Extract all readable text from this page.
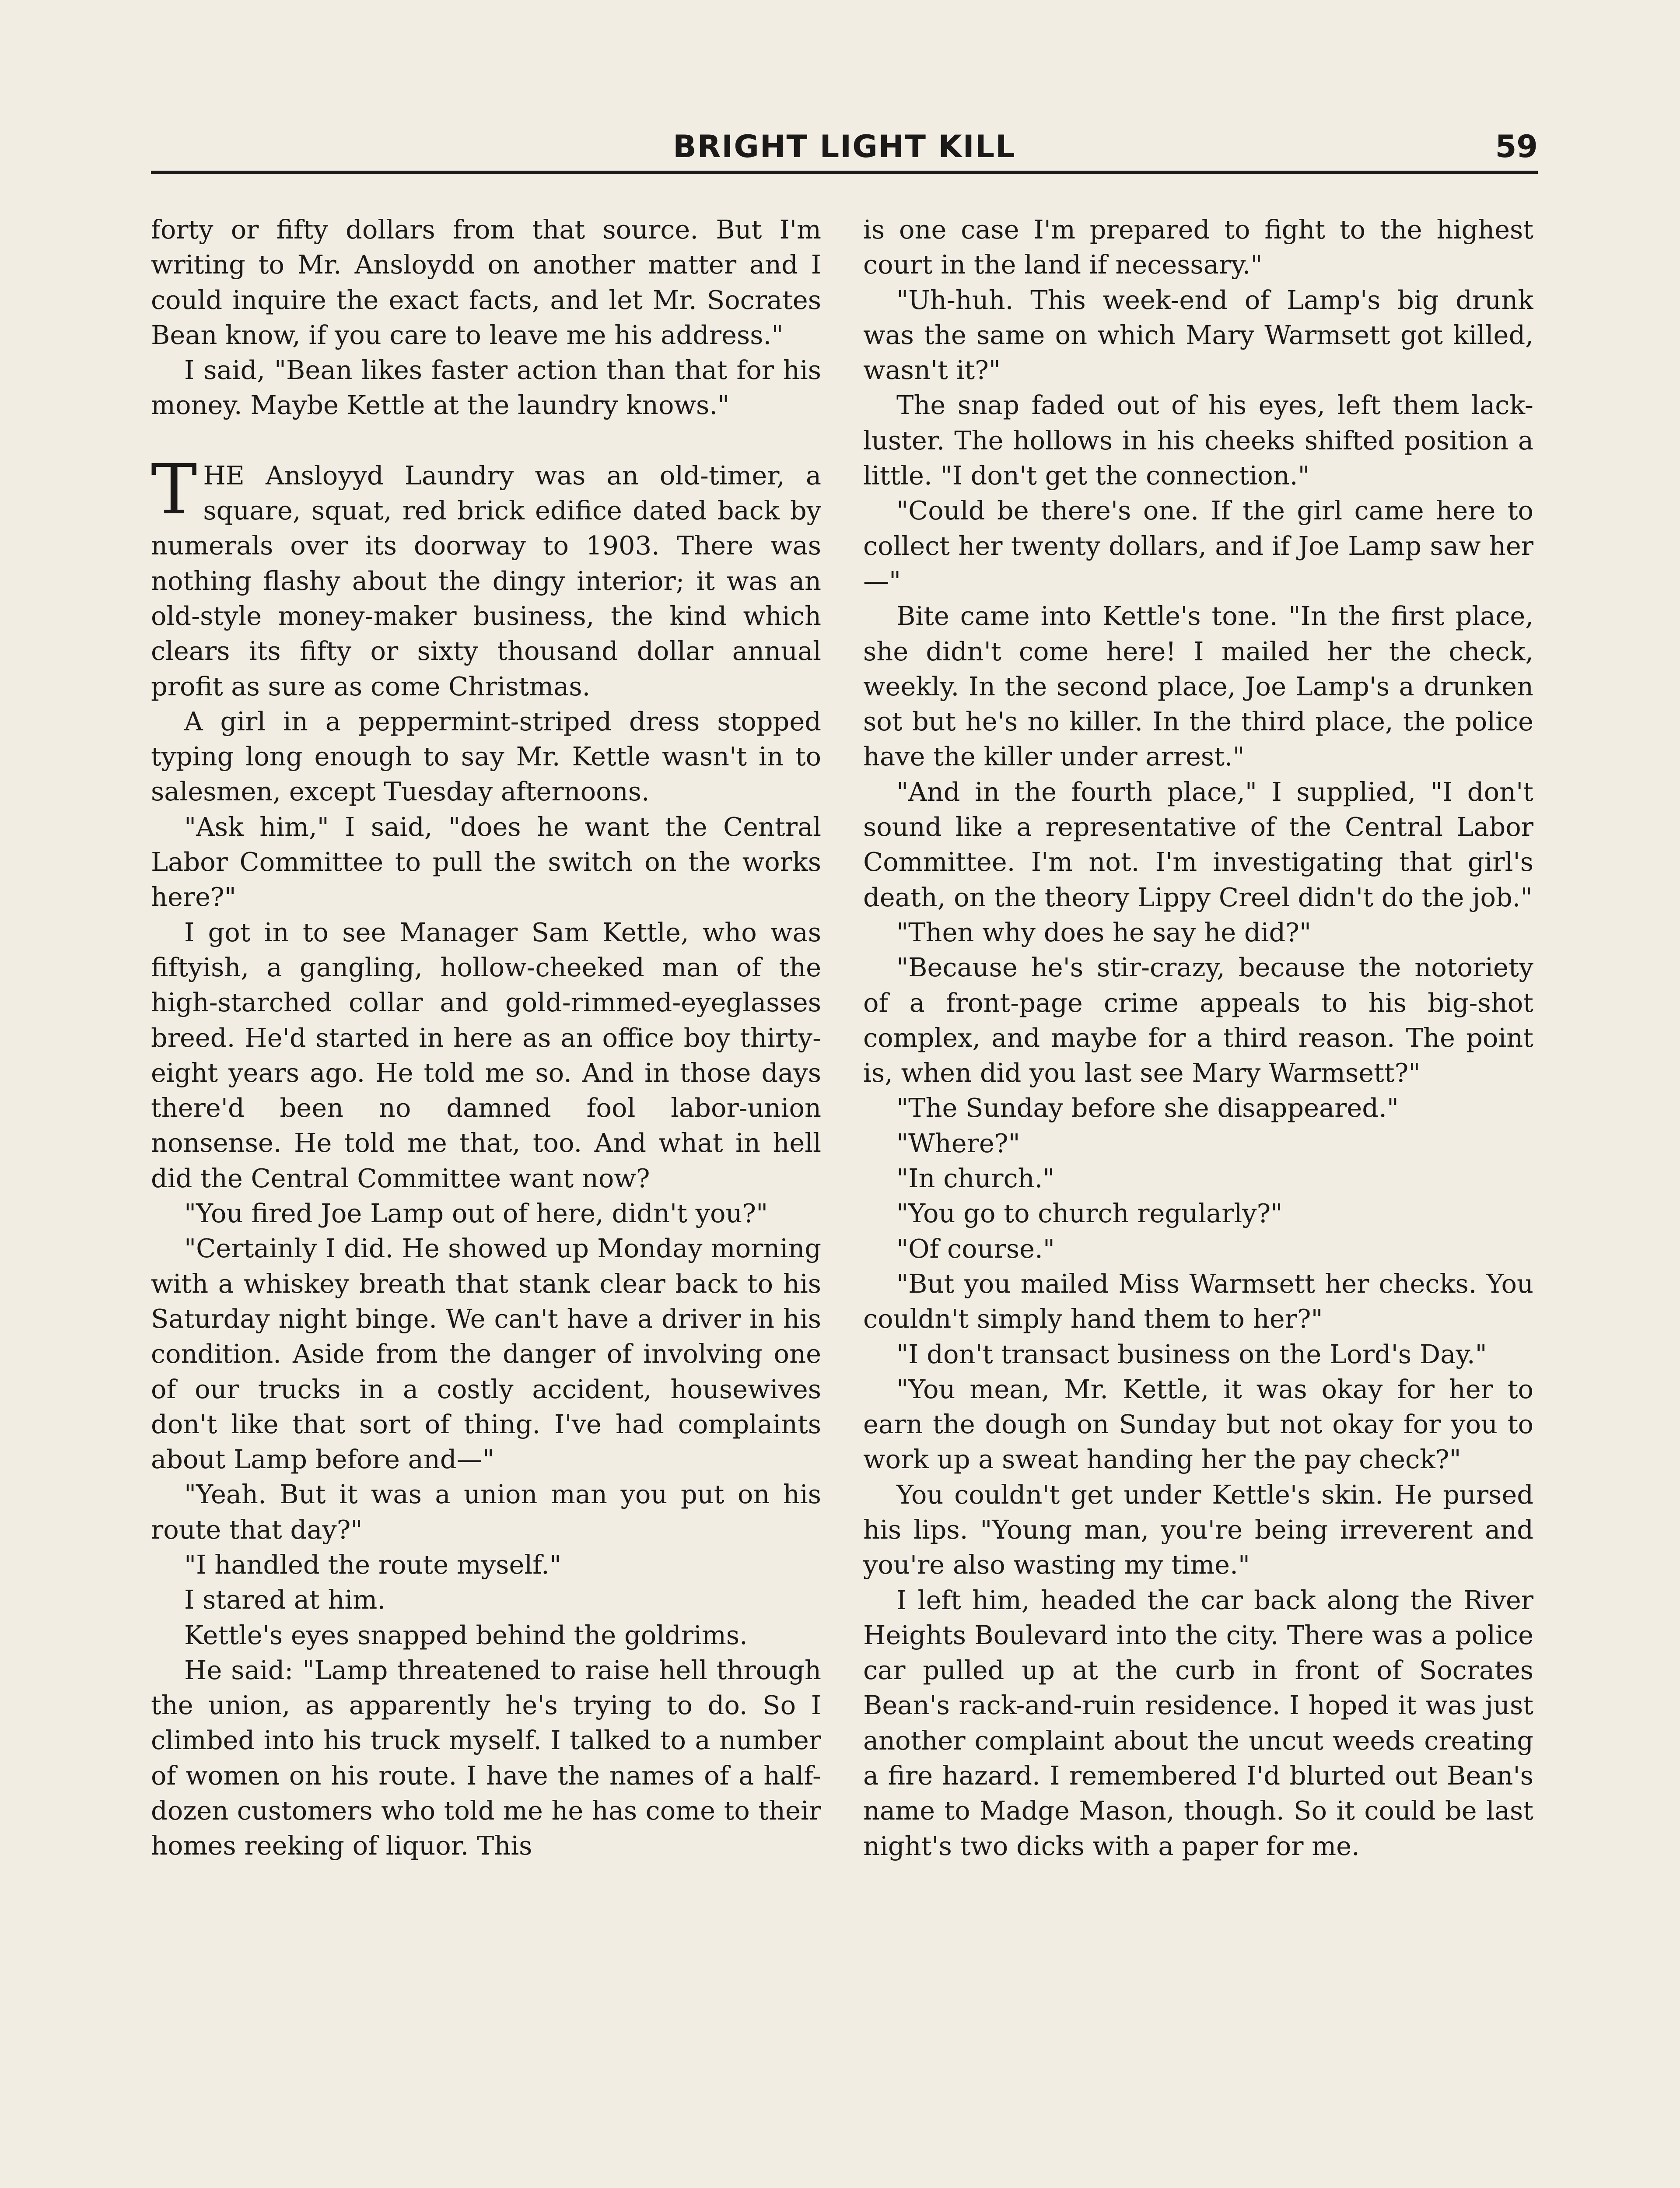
BRIGHT LIGHT KILL	59

forty or fifty dollars from that source. But I'm writing to Mr. Ansloydd on another matter and I could inquire the exact facts, and let Mr. Socrates Bean know, if you care to leave me his address."

I said, "Bean likes faster action than that for his money. Maybe Kettle at the laundry knows."

THE Ansloyyd Laundry was an old-timer, a square, squat, red brick edifice dated back by numerals over its doorway to 1903. There was nothing flashy about the dingy interior; it was an old-style money-maker business, the kind which clears its fifty or sixty thousand dollar annual profit as sure as come Christmas.

A girl in a peppermint-striped dress stopped typing long enough to say Mr. Kettle wasn't in to salesmen, except Tuesday afternoons.

"Ask him," I said, "does he want the Central Labor Committee to pull the switch on the works here?"

I got in to see Manager Sam Kettle, who was fiftyish, a gangling, hollow-cheeked man of the high-starched collar and gold-rimmed-eyeglasses breed. He'd started in here as an office boy thirty-eight years ago. He told me so. And in those days there'd been no damned fool labor-union nonsense. He told me that, too. And what in hell did the Central Committee want now?

"You fired Joe Lamp out of here, didn't you?"

"Certainly I did. He showed up Monday morning with a whiskey breath that stank clear back to his Saturday night binge. We can't have a driver in his condition. Aside from the danger of involving one of our trucks in a costly accident, housewives don't like that sort of thing. I've had complaints about Lamp before and—"

"Yeah. But it was a union man you put on his route that day?"

"I handled the route myself."

I stared at him.

Kettle's eyes snapped behind the goldrims.

He said: "Lamp threatened to raise hell through the union, as apparently he's trying to do. So I climbed into his truck myself. I talked to a number of women on his route. I have the names of a half-dozen customers who told me he has come to their homes reeking of liquor. This

is one case I'm prepared to fight to the highest court in the land if necessary."

"Uh-huh. This week-end of Lamp's big drunk was the same on which Mary Warmsett got killed, wasn't it?"

The snap faded out of his eyes, left them lack-luster. The hollows in his cheeks shifted position a little. "I don't get the connection."

"Could be there's one. If the girl came here to collect her twenty dollars, and if Joe Lamp saw her—"

Bite came into Kettle's tone. "In the first place, she didn't come here! I mailed her the check, weekly. In the second place, Joe Lamp's a drunken sot but he's no killer. In the third place, the police have the killer under arrest."

"And in the fourth place," I supplied, "I don't sound like a representative of the Central Labor Committee. I'm not. I'm investigating that girl's death, on the theory Lippy Creel didn't do the job."

"Then why does he say he did?"

"Because he's stir-crazy, because the notoriety of a front-page crime appeals to his big-shot complex, and maybe for a third reason. The point is, when did you last see Mary Warmsett?"

"The Sunday before she disappeared."

"Where?"

"In church."

"You go to church regularly?"

"Of course."

"But you mailed Miss Warmsett her checks. You couldn't simply hand them to her?"

"I don't transact business on the Lord's Day."

"You mean, Mr. Kettle, it was okay for her to earn the dough on Sunday but not okay for you to work up a sweat handing her the pay check?"

You couldn't get under Kettle's skin. He pursed his lips. "Young man, you're being irreverent and you're also wasting my time."

I left him, headed the car back along the River Heights Boulevard into the city. There was a police car pulled up at the curb in front of Socrates Bean's rack-and-ruin residence. I hoped it was just another complaint about the uncut weeds creating a fire hazard. I remembered I'd blurted out Bean's name to Madge Mason, though. So it could be last night's two dicks with a paper for me.
